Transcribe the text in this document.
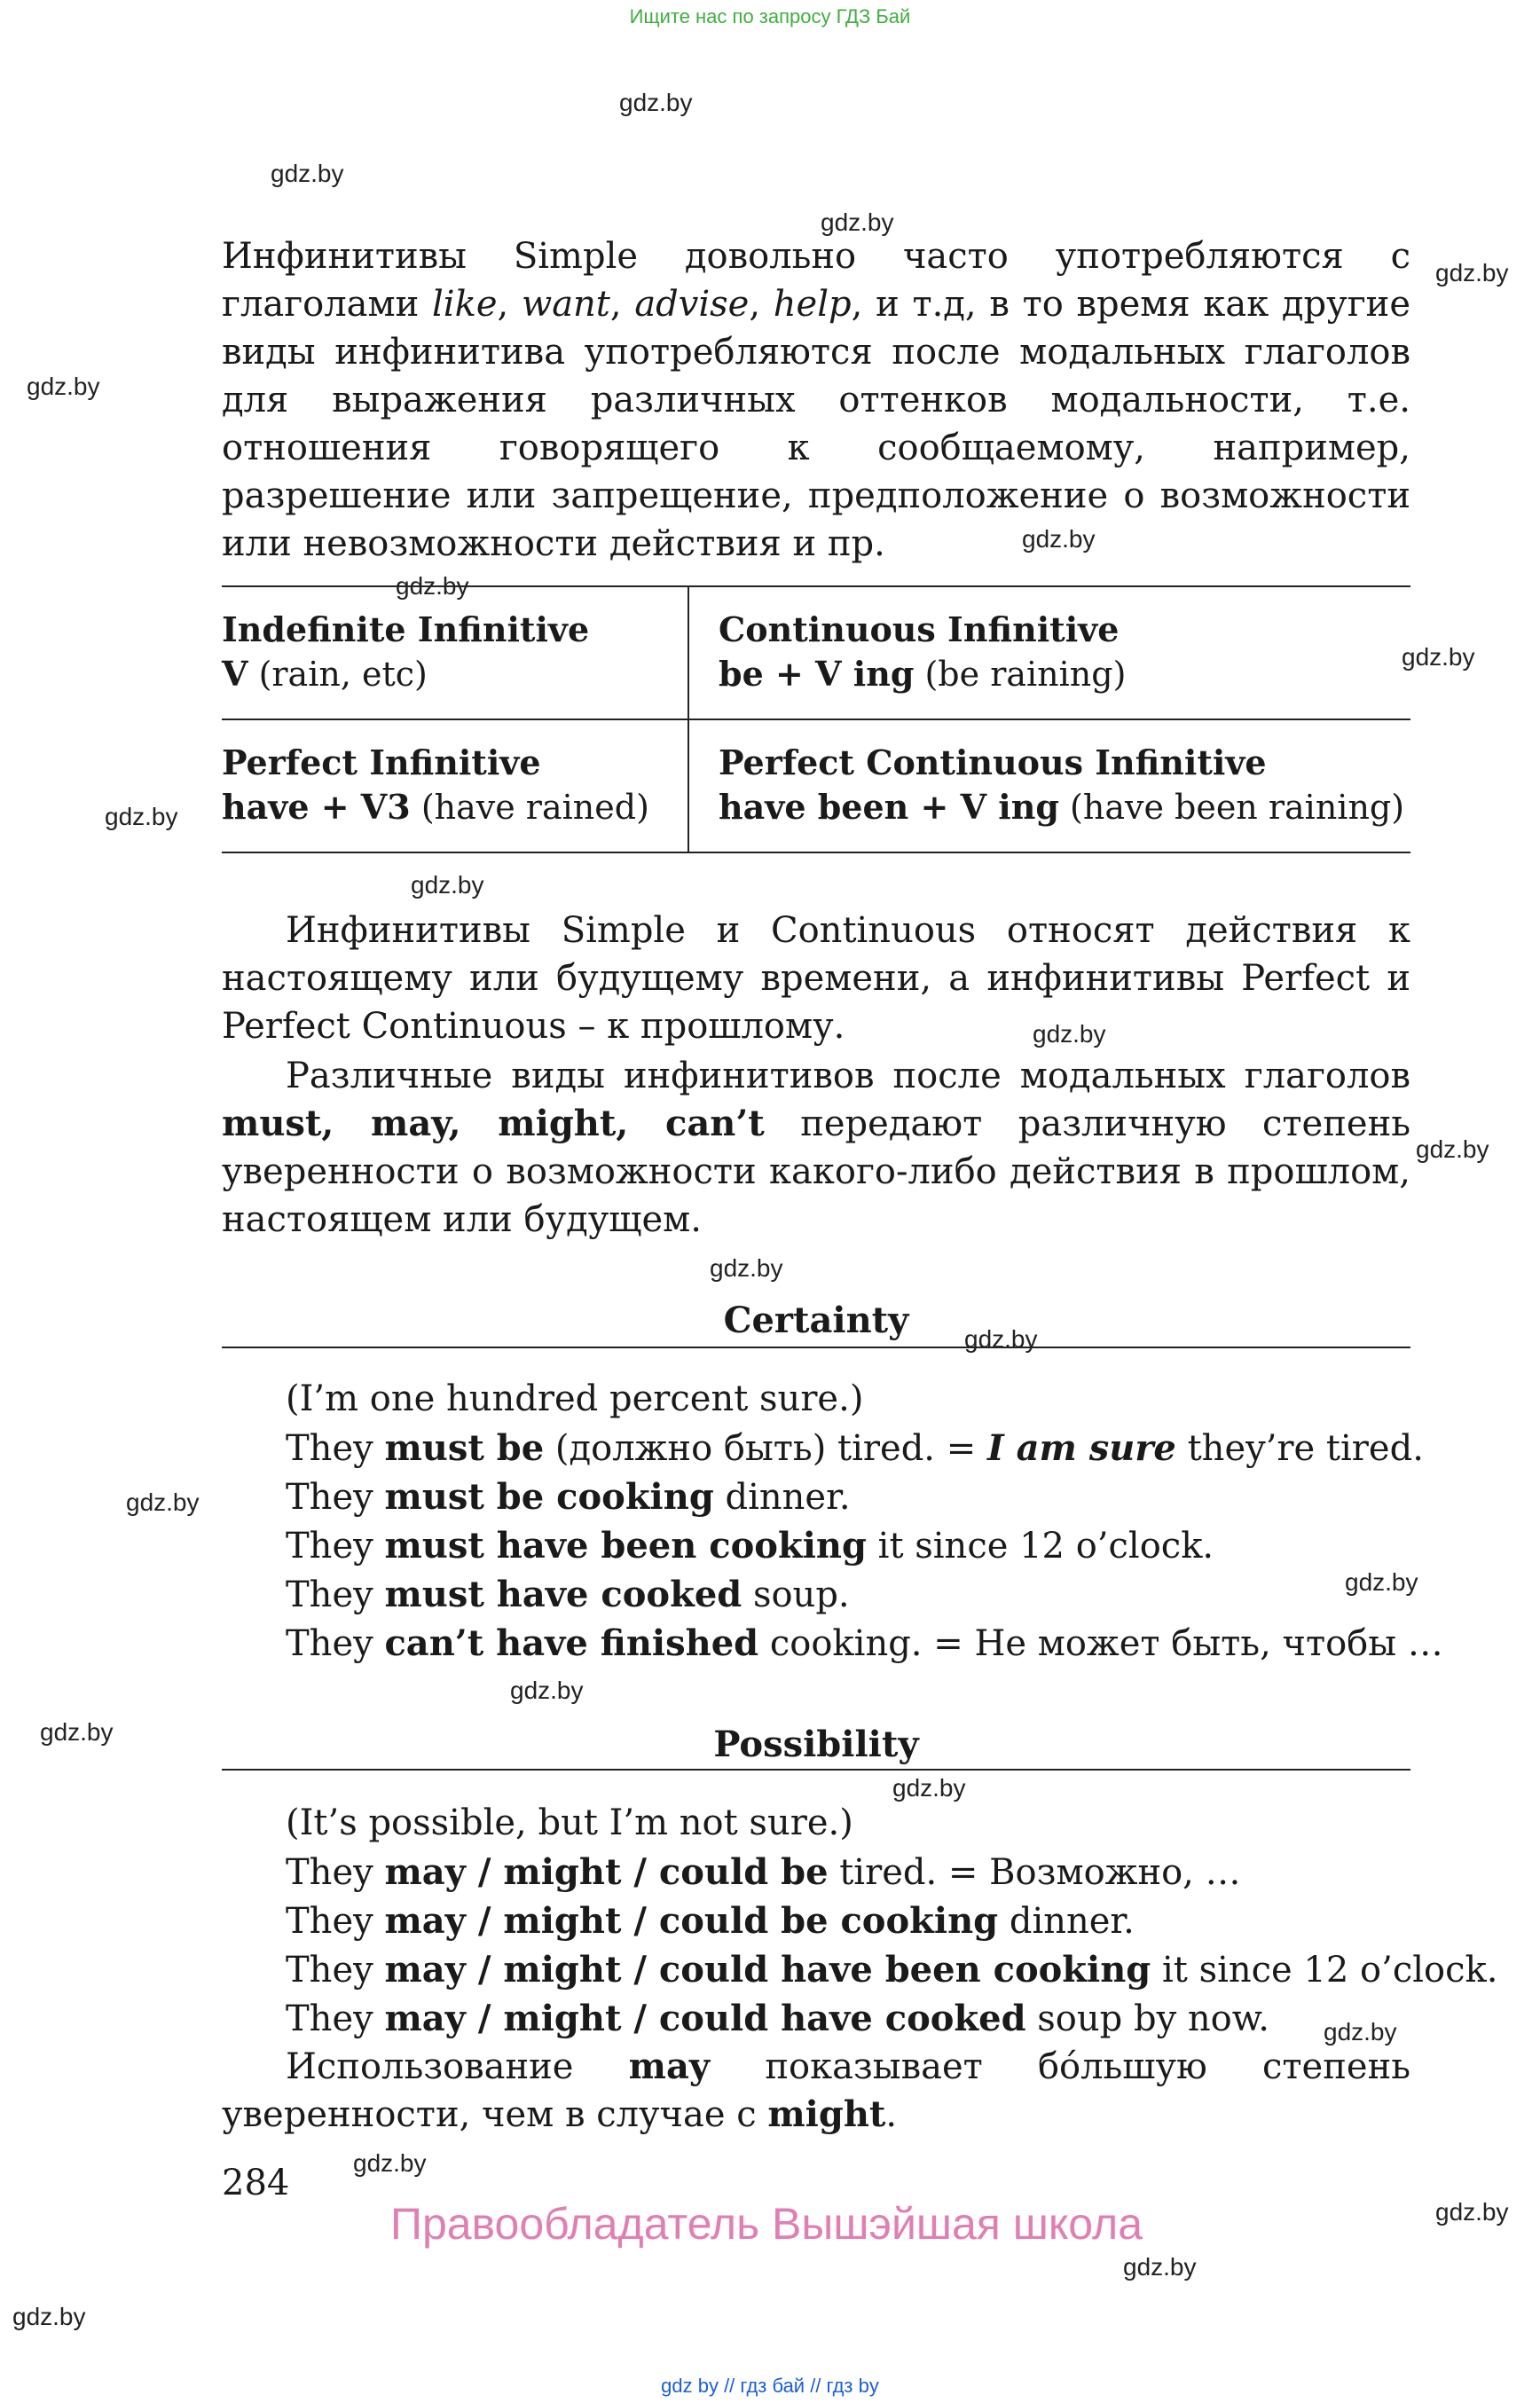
Ищите нас по запросу ГДЗ Бай

Инфинитивы Simple довольно часто употребляются с глаголами like, want, advise, help, и т.д, в то время как другие виды инфинитива употребляются после модальных глаголов для выражения различных оттенков модальности, т.е. отношения говорящего к сообщаемому, например, разрешение или запрещение, предположение о возможности или невозможности действия и пр.

Indefinite Infinitive
V (rain, etc)
Continuous Infinitive
be + V ing (be raining)
Perfect Infinitive
have + V3 (have rained)
Perfect Continuous Infinitive
have been + V ing (have been raining)

Инфинитивы Simple и Continuous относят действия к настоящему или будущему времени, а инфинитивы Perfect и Perfect Continuous – к прошлому.

Различные виды инфинитивов после модальных глаголов must, may, might, can’t передают различную степень уверенности о возможности какого-либо действия в прошлом, настоящем или будущем.

Certainty
(I’m one hundred percent sure.)
They must be (должно быть) tired. = I am sure they’re tired.
They must be cooking dinner.
They must have been cooking it since 12 o’clock.
They must have cooked soup.
They can’t have finished cooking. = Не может быть, чтобы …
Possibility
(It’s possible, but I’m not sure.)
They may / might / could be tired. = Возможно, …
They may / might / could be cooking dinner.
They may / might / could have been cooking it since 12 o’clock.
They may / might / could have cooked soup by now.

Использование may показывает бóльшую степень уверенности, чем в случае с might.

284
Правообладатель Вышэйшая школа
gdz.by
gdz.by
gdz.by
gdz.by
gdz.by
gdz.by
gdz.by
gdz.by
gdz.by
gdz.by
gdz.by
gdz.by
gdz.by
gdz.by
gdz.by
gdz.by
gdz.by
gdz.by
gdz.by
gdz.by
gdz.by
gdz.by
gdz.by
gdz.by
gdz by // гдз бай // гдз by
